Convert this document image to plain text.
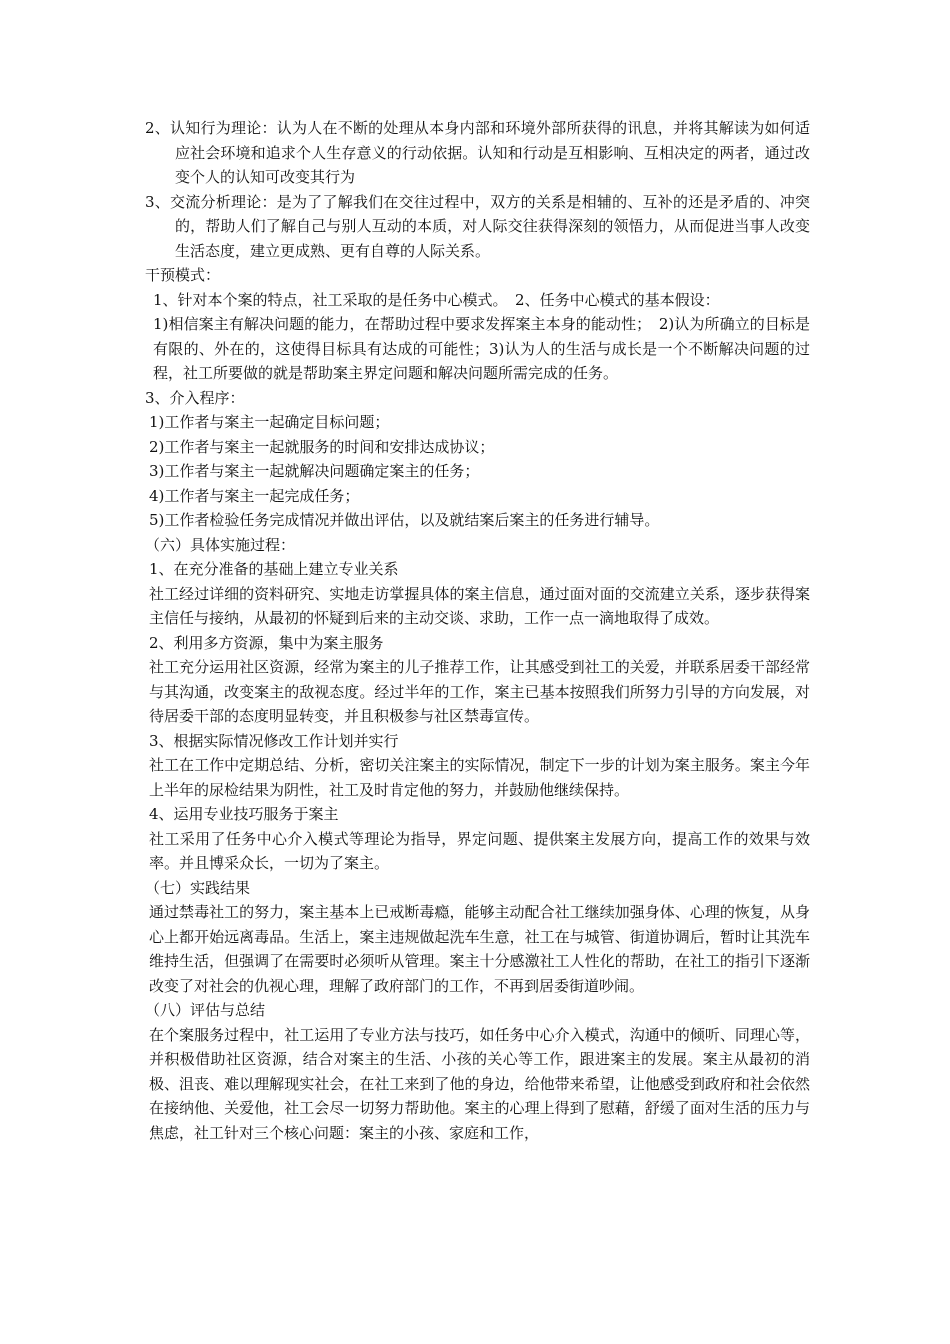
2、认知行为理论：认为人在不断的处理从本身内部和环境外部所获得的讯息，并将其解读为如何适应社会环境和追求个人生存意义的行动依据。认知和行动是互相影响、互相决定的两者，通过改变个人的认知可改变其行为

3、交流分析理论：是为了了解我们在交往过程中，双方的关系是相辅的、互补的还是矛盾的、冲突的，帮助人们了解自己与别人互动的本质，对人际交往获得深刻的领悟力，从而促进当事人改变生活态度，建立更成熟、更有自尊的人际关系。

干预模式：

1、针对本个案的特点，社工采取的是任务中心模式。　2、任务中心模式的基本假设：

1)相信案主有解决问题的能力，在帮助过程中要求发挥案主本身的能动性；　2)认为所确立的目标是有限的、外在的，这使得目标具有达成的可能性；3)认为人的生活与成长是一个不断解决问题的过程，社工所要做的就是帮助案主界定问题和解决问题所需完成的任务。

3、介入程序：

1)工作者与案主一起确定目标问题；

2)工作者与案主一起就服务的时间和安排达成协议；

3)工作者与案主一起就解决问题确定案主的任务；

4)工作者与案主一起完成任务；

5)工作者检验任务完成情况并做出评估，以及就结案后案主的任务进行辅导。

（六）具体实施过程：

1、在充分准备的基础上建立专业关系

社工经过详细的资料研究、实地走访掌握具体的案主信息，通过面对面的交流建立关系，逐步获得案主信任与接纳，从最初的怀疑到后来的主动交谈、求助，工作一点一滴地取得了成效。

2、利用多方资源，集中为案主服务

社工充分运用社区资源，经常为案主的儿子推荐工作，让其感受到社工的关爱，并联系居委干部经常与其沟通，改变案主的敌视态度。经过半年的工作，案主已基本按照我们所努力引导的方向发展，对待居委干部的态度明显转变，并且积极参与社区禁毒宣传。

3、根据实际情况修改工作计划并实行

社工在工作中定期总结、分析，密切关注案主的实际情况，制定下一步的计划为案主服务。案主今年上半年的尿检结果为阴性，社工及时肯定他的努力，并鼓励他继续保持。

4、运用专业技巧服务于案主

社工采用了任务中心介入模式等理论为指导，界定问题、提供案主发展方向，提高工作的效果与效率。并且博采众长，一切为了案主。

（七）实践结果

通过禁毒社工的努力，案主基本上已戒断毒瘾，能够主动配合社工继续加强身体、心理的恢复，从身心上都开始远离毒品。生活上，案主违规做起洗车生意，社工在与城管、街道协调后，暂时让其洗车维持生活，但强调了在需要时必须听从管理。案主十分感激社工人性化的帮助，在社工的指引下逐渐改变了对社会的仇视心理，理解了政府部门的工作，不再到居委街道吵闹。

（八）评估与总结

在个案服务过程中，社工运用了专业方法与技巧，如任务中心介入模式，沟通中的倾听、同理心等，并积极借助社区资源，结合对案主的生活、小孩的关心等工作，跟进案主的发展。案主从最初的消极、沮丧、难以理解现实社会，在社工来到了他的身边，给他带来希望，让他感受到政府和社会依然在接纳他、关爱他，社工会尽一切努力帮助他。案主的心理上得到了慰藉，舒缓了面对生活的压力与焦虑，社工针对三个核心问题：案主的小孩、家庭和工作，
